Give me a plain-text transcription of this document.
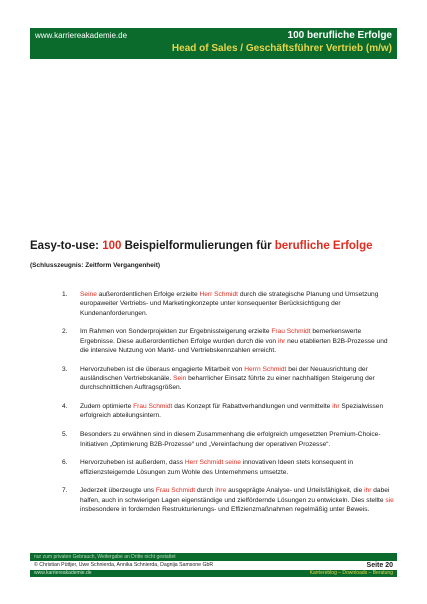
www.karriereakademie.de	100 berufliche Erfolge
Head of Sales / Geschäftsführer Vertrieb (m/w)
Easy-to-use: 100 Beispielformulierungen für berufliche Erfolge
(Schlusszeugnis: Zeitform Vergangenheit)
1. Seine außerordentlichen Erfolge erzielte Herr Schmidt durch die strategische Planung und Umsetzung europaweiter Vertriebs- und Marketingkonzepte unter konsequenter Berücksichtigung der Kundenanforderungen.
2. Im Rahmen von Sonderprojekten zur Ergebnissteigerung erzielte Frau Schmidt bemerkenswerte Ergebnisse. Diese außerordentlichen Erfolge wurden durch die von ihr neu etablierten B2B-Prozesse und die intensive Nutzung von Markt- und Vertriebskennzahlen erreicht.
3. Hervorzuheben ist die überaus engagierte Mitarbeit von Herrn Schmidt bei der Neuausrichtung der ausländischen Vertriebskanäle. Sein beharrlicher Einsatz führte zu einer nachhaltigen Steigerung der durchschnittlichen Auftragsgrößen.
4. Zudem optimierte Frau Schmidt das Konzept für Rabattverhandlungen und vermittelte ihr Spezialwissen erfolgreich abteilungsintern.
5. Besonders zu erwähnen sind in diesem Zusammenhang die erfolgreich umgesetzten Premium-Choice-Initiativen „Optimierung B2B-Prozesse“ und „Vereinfachung der operativen Prozesse“.
6. Hervorzuheben ist außerdem, dass Herr Schmidt seine innovativen Ideen stets konsequent in effizienzsteigernde Lösungen zum Wohle des Unternehmens umsetzte.
7. Jederzeit überzeugte uns Frau Schmidt durch ihre ausgeprägte Analyse- und Urteilsfähigkeit, die ihr dabei halfen, auch in schwierigen Lagen eigenständige und zielfördernde Lösungen zu entwickeln. Dies stellte sie insbesondere in fordernden Restrukturierungs- und Effizienzmaßnahmen regelmäßig unter Beweis.
nur zum privaten Gebrauch, Weitergabe an Dritte nicht gestattet
© Christian Püttjer, Uwe Schnierda, Annika Schnierda, Dagnija Samsone GbR	Seite 20
www.karriereakademie.de	Karriereblog – Downloads – Beratung
